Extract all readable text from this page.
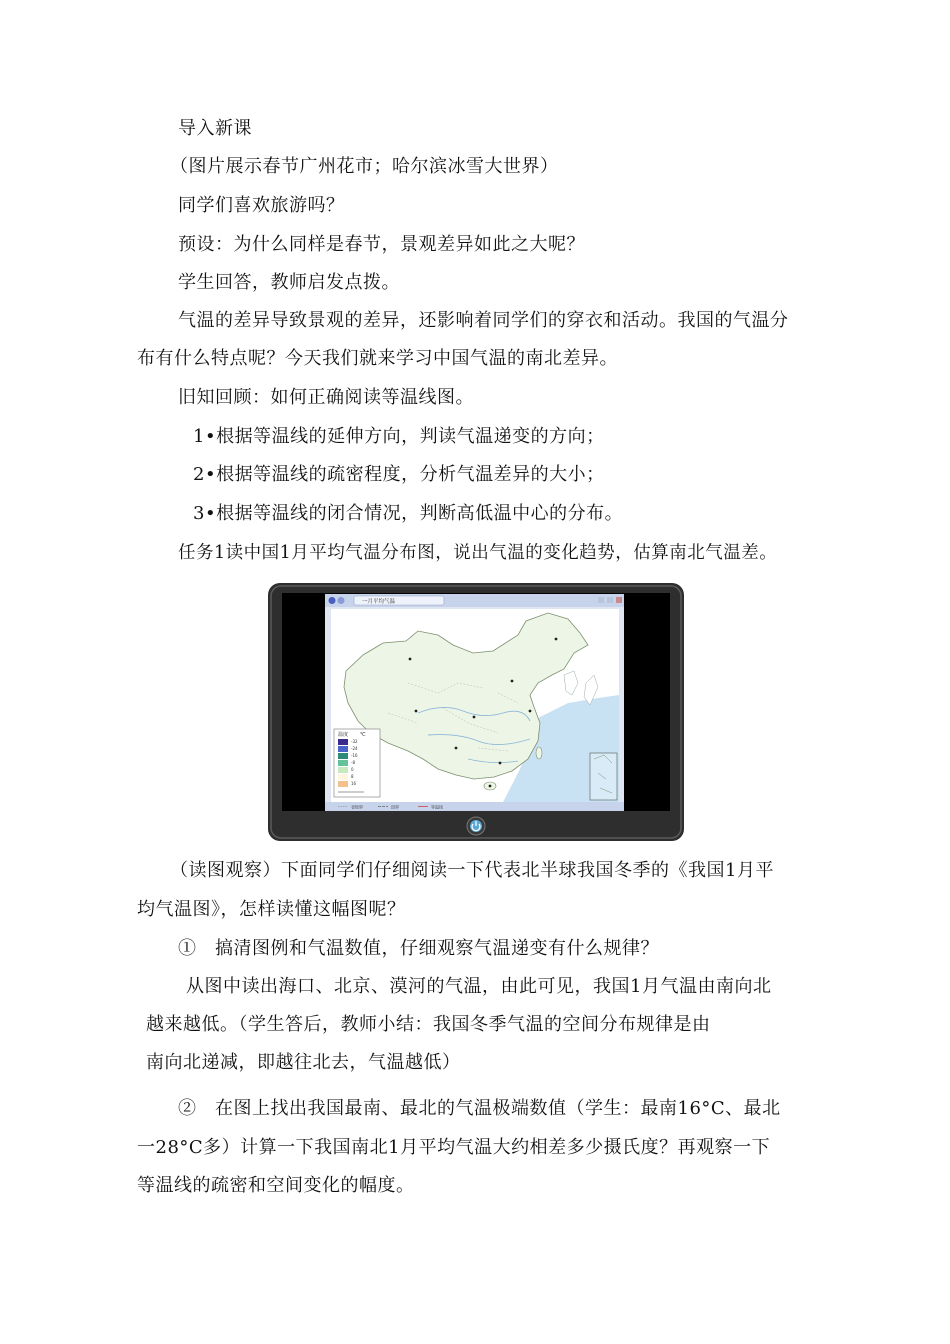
导入新课
（图片展示春节广州花市；哈尔滨冰雪大世界）
同学们喜欢旅游吗？
预设：为什么同样是春节，景观差异如此之大呢？
学生回答，教师启发点拨。
气温的差异导致景观的差异，还影响着同学们的穿衣和活动。我国的气温分
布有什么特点呢？今天我们就来学习中国气温的南北差异。
旧知回顾：如何正确阅读等温线图。
1•根据等温线的延伸方向，判读气温递变的方向；
2•根据等温线的疏密程度，分析气温差异的大小；
3•根据等温线的闭合情况，判断高低温中心的分布。
任务1读中国1月平均气温分布图，说出气温的变化趋势，估算南北气温差。
一月平均气温
温度 ℃
-32
-24
-16
-8
0
8
16
省级界	国界	等温线
（读图观察）下面同学们仔细阅读一下代表北半球我国冬季的《我国1月平
均气温图》，怎样读懂这幅图呢？
①　搞清图例和气温数值，仔细观察气温递变有什么规律？
从图中读出海口、北京、漠河的气温，由此可见，我国1月气温由南向北
越来越低。（学生答后，教师小结：我国冬季气温的空间分布规律是由
南向北递减，即越往北去，气温越低）
②　在图上找出我国最南、最北的气温极端数值（学生：最南16°C、最北
一28°C多）计算一下我国南北1月平均气温大约相差多少摄氏度？再观察一下
等温线的疏密和空间变化的幅度。
